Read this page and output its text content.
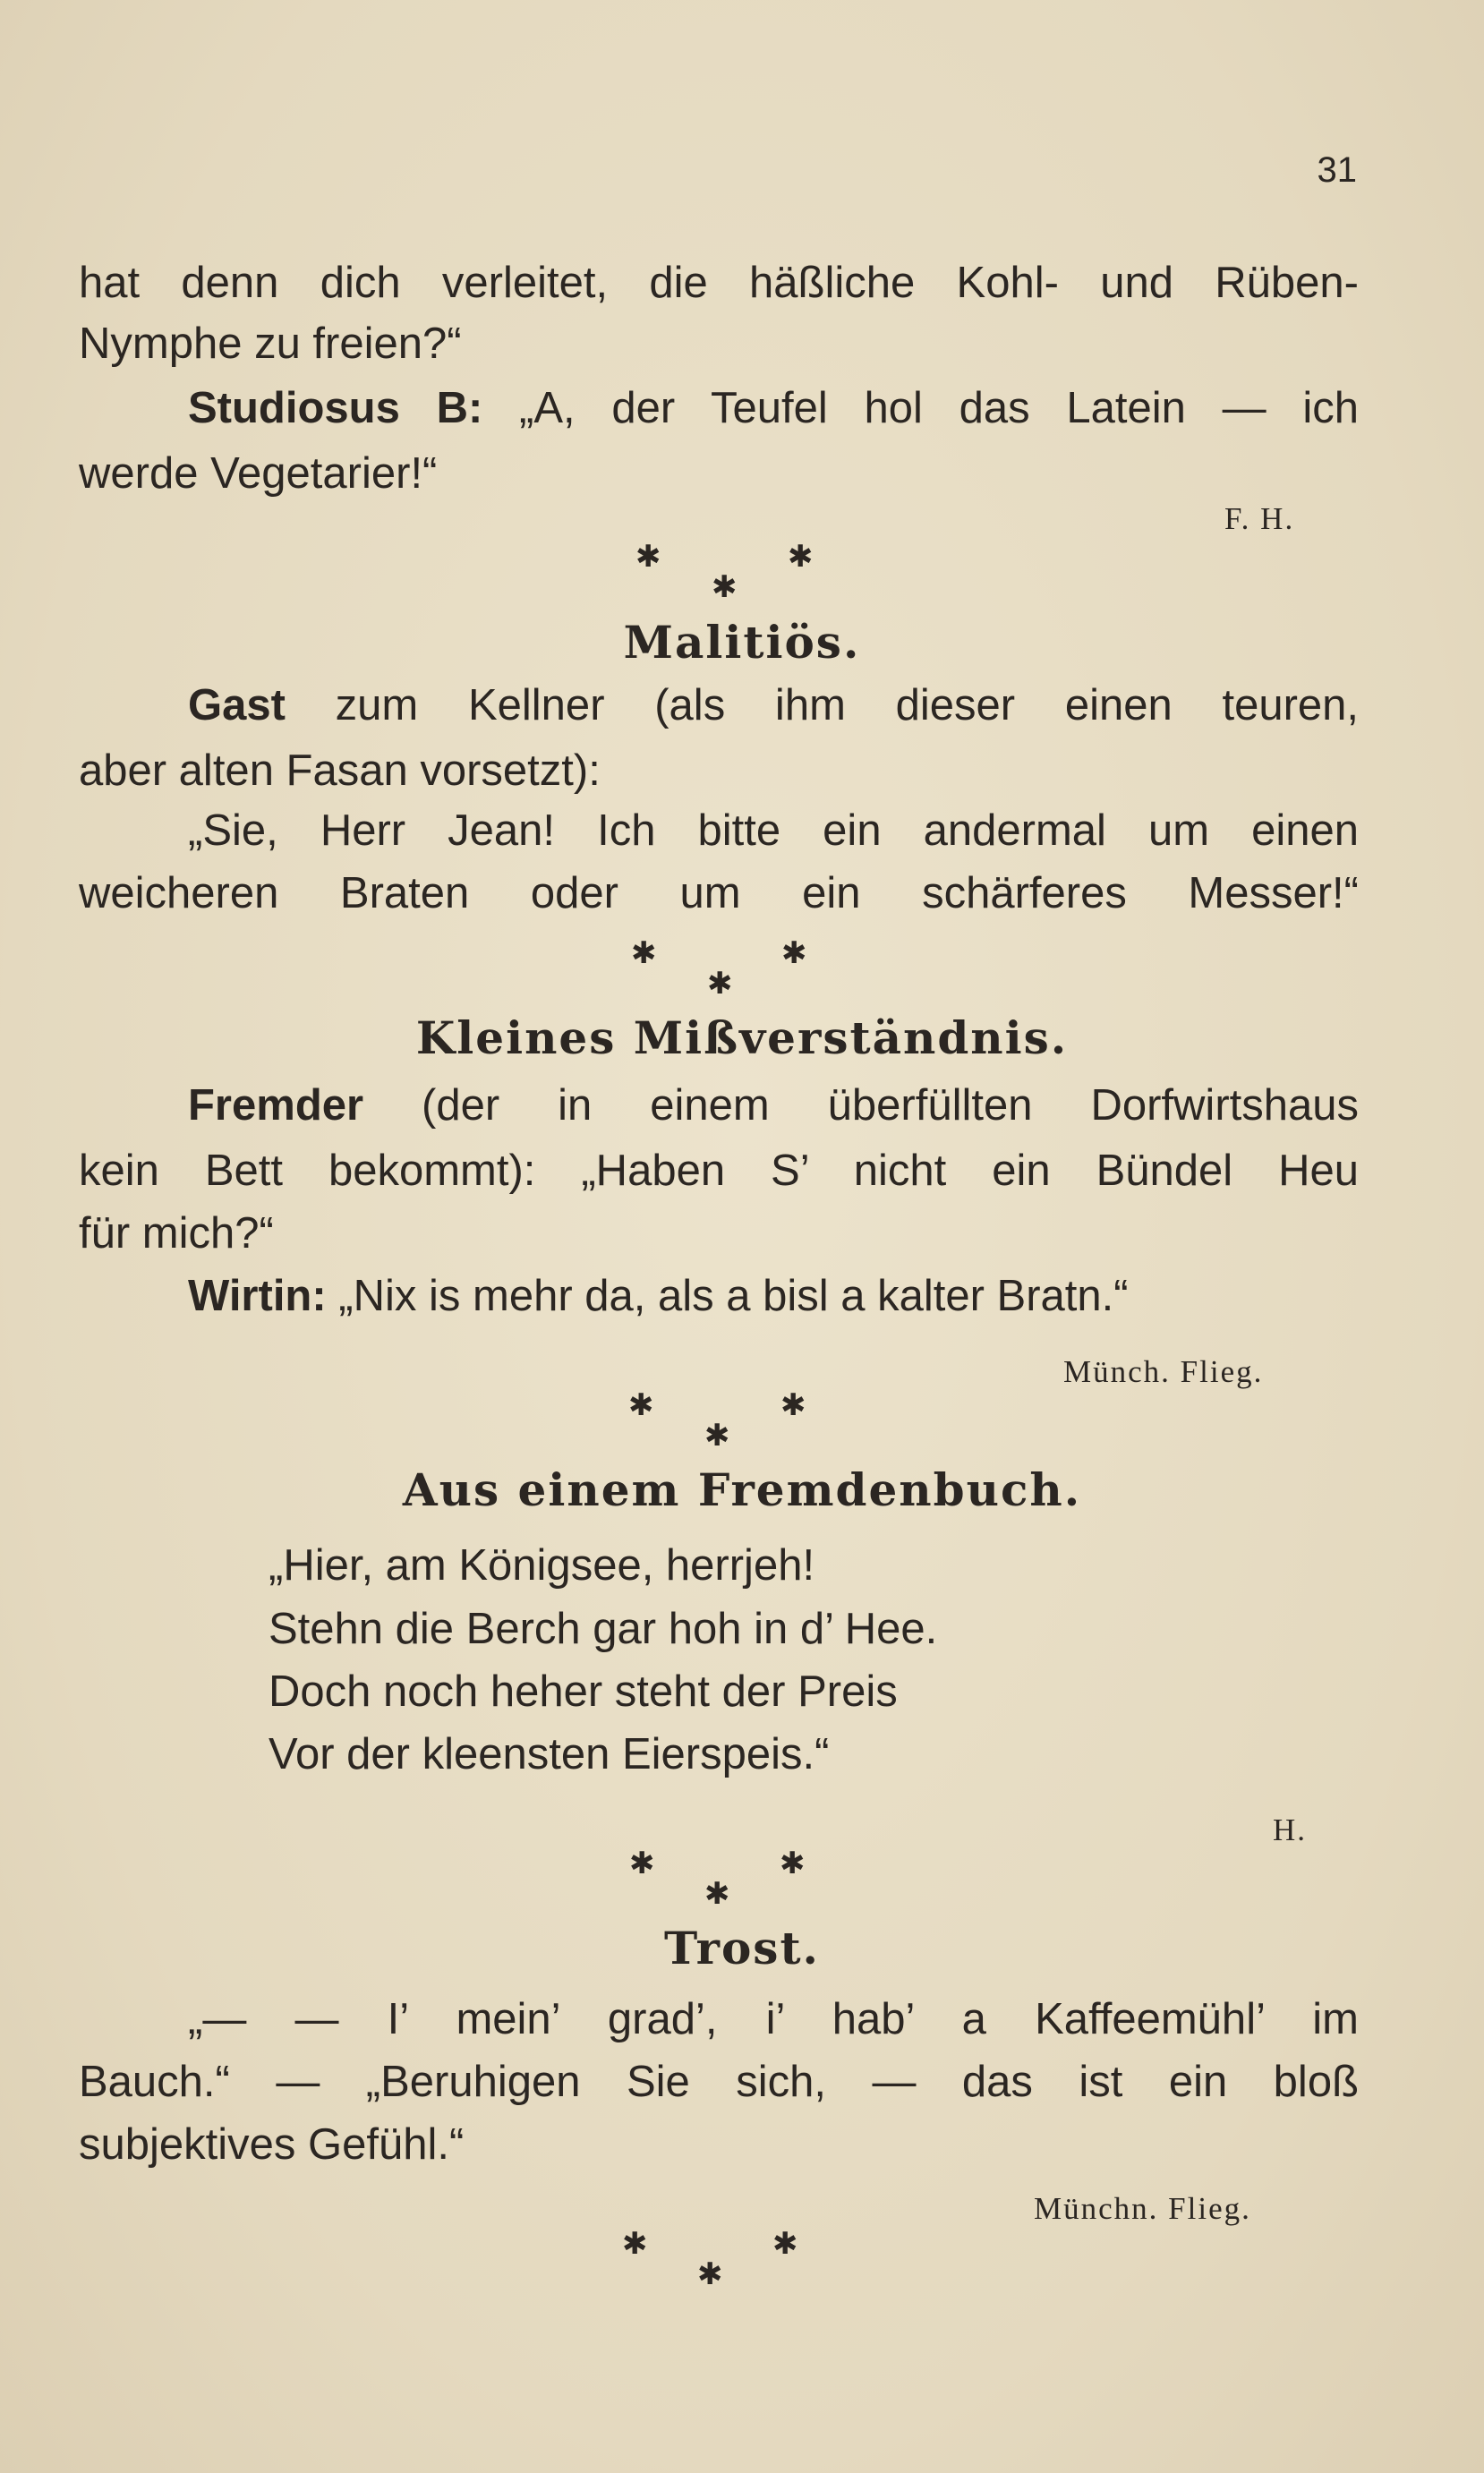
31
hat denn dich verleitet, die häßliche Kohl- und Rüben-
Nymphe zu freien?“
Studiosus B: „A, der Teufel hol das Latein — ich
werde Vegetarier!“
F. H.
✱	✱
✱
Malitiös.
Gast zum Kellner (als ihm dieser einen teuren,
aber alten Fasan vorsetzt):
„Sie, Herr Jean! Ich bitte ein andermal um einen
weicheren Braten oder um ein schärferes Messer!“
✱	✱
✱
Kleines Mißverständnis.
Fremder (der in einem überfüllten Dorfwirtshaus
kein Bett bekommt): „Haben S’ nicht ein Bündel Heu
für mich?“
Wirtin: „Nix is mehr da, als a bisl a kalter Bratn.“
Münch. Flieg.
✱	✱
✱
Aus einem Fremdenbuch.
„Hier, am Königsee, herrjeh!
Stehn die Berch gar hoh in d’ Hee.
Doch noch heher steht der Preis
Vor der kleensten Eierspeis.“
H.
✱	✱
✱
Trost.
„— — I’ mein’ grad’, i’ hab’ a Kaffeemühl’ im
Bauch.“ — „Beruhigen Sie sich, — das ist ein bloß
subjektives Gefühl.“
Münchn. Flieg.
✱	✱
✱
